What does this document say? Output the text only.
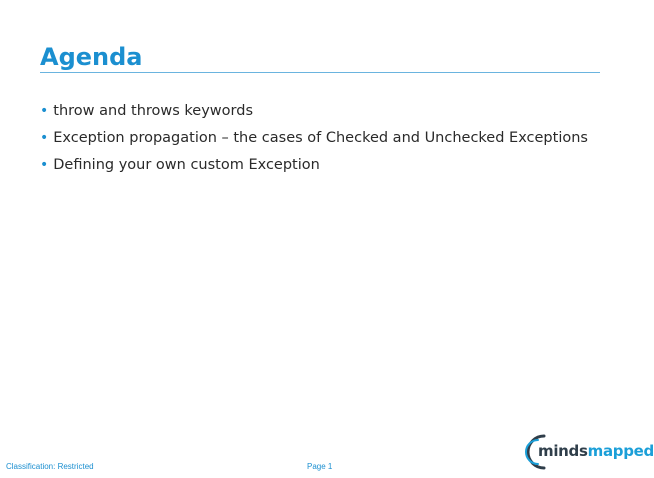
Agenda
• throw and throws keywords
• Exception propagation – the cases of Checked and Unchecked Exceptions
• Defining your own custom Exception
Classification: Restricted	Page 1
mindsmapped
